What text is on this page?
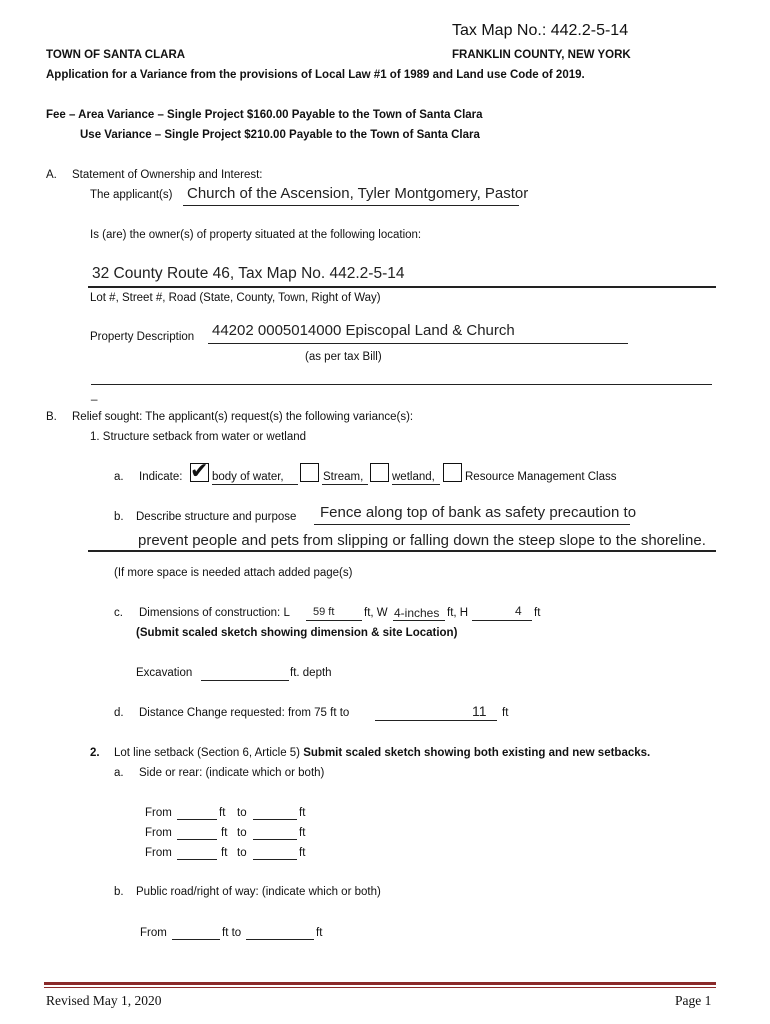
Tax Map No.: 442.2-5-14
TOWN OF SANTA CLARA	FRANKLIN COUNTY, NEW YORK
Application for a Variance from the provisions of Local Law #1 of 1989 and Land use Code of 2019.
Fee – Area Variance – Single Project $160.00 Payable to the Town of Santa Clara
Use Variance – Single Project $210.00 Payable to the Town of Santa Clara
A. Statement of Ownership and Interest:
The applicant(s) Church of the Ascension, Tyler Montgomery, Pastor
Is (are) the owner(s) of property situated at the following location:
32 County Route 46, Tax Map No. 442.2-5-14
Lot #, Street #, Road (State, County, Town, Right of Way)
Property Description 44202 0005014000 Episcopal Land & Church
(as per tax Bill)
_
B. Relief sought: The applicant(s) request(s) the following variance(s):
1. Structure setback from water or wetland
a. Indicate: ✔ body of water,	Stream, wetland,	Resource Management Class
b. Describe structure and purpose Fence along top of bank as safety precaution to
prevent people and pets from slipping or falling down the steep slope to the shoreline.
(If more space is needed attach added page(s)
c. Dimensions of construction: L 59 ft	ft, W 4-inches ft, H	4 ft
(Submit scaled sketch showing dimension & site Location)
Excavation	ft. depth
d. Distance Change requested: from 75 ft to	11 ft
2. Lot line setback (Section 6, Article 5) Submit scaled sketch showing both existing and new setbacks.
a. Side or rear: (indicate which or both)
From	ft to	ft
From	ft to	ft
From	ft to	ft
b. Public road/right of way: (indicate which or both)
From	ft to	ft
Revised May 1, 2020	Page 1
